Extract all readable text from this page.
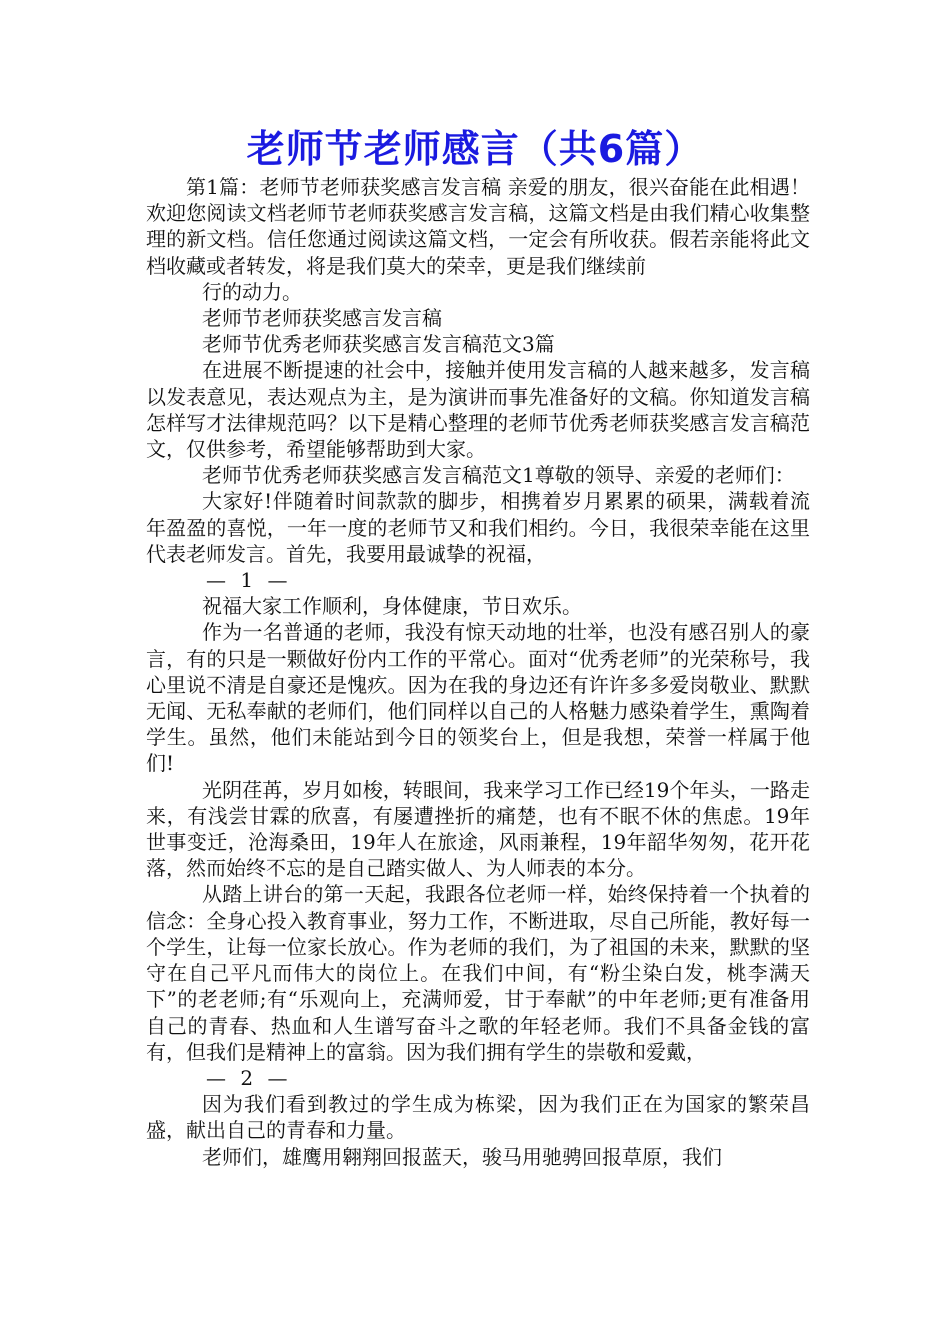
老师节老师感言（共6篇）

第1篇：老师节老师获奖感言发言稿 亲爱的朋友，很兴奋能在此相遇！欢迎您阅读文档老师节老师获奖感言发言稿，这篇文档是由我们精心收集整理的新文档。信任您通过阅读这篇文档，一定会有所收获。假若亲能将此文档收藏或者转发，将是我们莫大的荣幸，更是我们继续前

行的动力。

老师节老师获奖感言发言稿

老师节优秀老师获奖感言发言稿范文3篇

在进展不断提速的社会中，接触并使用发言稿的人越来越多，发言稿以发表意见，表达观点为主，是为演讲而事先准备好的文稿。你知道发言稿怎样写才法律规范吗？以下是精心整理的老师节优秀老师获奖感言发言稿范文，仅供参考，希望能够帮助到大家。

老师节优秀老师获奖感言发言稿范文1尊敬的领导、亲爱的老师们：

大家好!伴随着时间款款的脚步，相携着岁月累累的硕果，满载着流年盈盈的喜悦，一年一度的老师节又和我们相约。今日，我很荣幸能在这里代表老师发言。首先，我要用最诚挚的祝福，

— 1 —

祝福大家工作顺利，身体健康，节日欢乐。

作为一名普通的老师，我没有惊天动地的壮举，也没有感召别人的豪言，有的只是一颗做好份内工作的平常心。面对“优秀老师”的光荣称号，我心里说不清是自豪还是愧疚。因为在我的身边还有许许多多爱岗敬业、默默无闻、无私奉献的老师们，他们同样以自己的人格魅力感染着学生，熏陶着学生。虽然，他们未能站到今日的领奖台上，但是我想，荣誉一样属于他们!

光阴荏苒，岁月如梭，转眼间，我来学习工作已经19个年头，一路走来，有浅尝甘霖的欣喜，有屡遭挫折的痛楚，也有不眠不休的焦虑。19年世事变迁，沧海桑田，19年人在旅途，风雨兼程，19年韶华匆匆，花开花落，然而始终不忘的是自己踏实做人、为人师表的本分。

从踏上讲台的第一天起，我跟各位老师一样，始终保持着一个执着的信念：全身心投入教育事业，努力工作，不断进取，尽自己所能，教好每一个学生，让每一位家长放心。作为老师的我们，为了祖国的未来，默默的坚守在自己平凡而伟大的岗位上。在我们中间，有“粉尘染白发，桃李满天下”的老老师;有“乐观向上，充满师爱，甘于奉献”的中年老师;更有准备用自己的青春、热血和人生谱写奋斗之歌的年轻老师。我们不具备金钱的富有，但我们是精神上的富翁。因为我们拥有学生的崇敬和爱戴，

— 2 —

因为我们看到教过的学生成为栋梁，因为我们正在为国家的繁荣昌盛，献出自己的青春和力量。

老师们，雄鹰用翱翔回报蓝天，骏马用驰骋回报草原，我们
